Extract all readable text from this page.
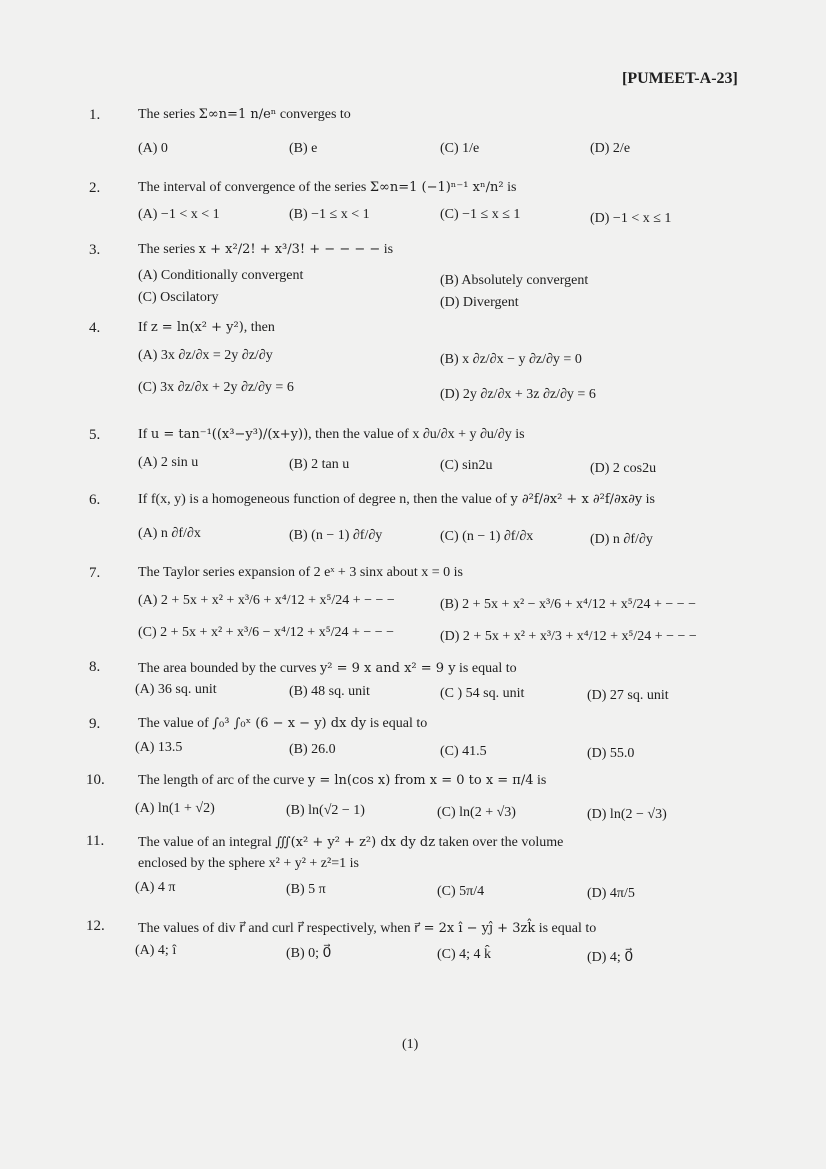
[PUMEET-A-23]
1.	The series Σ∞n=1 n/eⁿ converges to
(A) 0	(B) e	(C) 1/e	(D) 2/e
2.	The interval of convergence of the series Σ∞n=1 (−1)ⁿ⁻¹ xⁿ/n² is
(A) −1 < x < 1	(B) −1 ≤ x < 1	(C) −1 ≤ x ≤ 1	(D) −1 < x ≤ 1
3.	The series x + x²/2! + x³/3! + − − − − is
(A) Conditionally convergent	(B) Absolutely convergent
(C) Oscilatory	(D) Divergent
4.	If z = ln(x² + y²), then
(A) 3x ∂z/∂x = 2y ∂z/∂y	(B) x ∂z/∂x − y ∂z/∂y = 0
(C) 3x ∂z/∂x + 2y ∂z/∂y = 6	(D) 2y ∂z/∂x + 3z ∂z/∂y = 6
5.	If u = tan⁻¹((x³−y³)/(x+y)), then the value of x ∂u/∂x + y ∂u/∂y is
(A) 2 sin u	(B) 2 tan u	(C) sin2u	(D) 2 cos2u
6.	If f(x, y) is a homogeneous function of degree n, then the value of y ∂²f/∂x² + x ∂²f/∂x∂y is
(A) n ∂f/∂x	(B) (n − 1) ∂f/∂y	(C) (n − 1) ∂f/∂x	(D) n ∂f/∂y
7.	The Taylor series expansion of 2 eˣ + 3 sinx about x = 0 is
(A) 2 + 5x + x² + x³/6 + x⁴/12 + x⁵/24 + − − −	(B) 2 + 5x + x² − x³/6 + x⁴/12 + x⁵/24 + − − −
(C) 2 + 5x + x² + x³/6 − x⁴/12 + x⁵/24 + − − −	(D) 2 + 5x + x² + x³/3 + x⁴/12 + x⁵/24 + − − −
8.	The area bounded by the curves y² = 9 x and x² = 9 y is equal to
(A) 36 sq. unit	(B) 48 sq. unit	(C ) 54 sq. unit	(D) 27 sq. unit
9.	The value of ∫₀³ ∫₀ˣ (6 − x − y) dx dy is equal to
(A) 13.5	(B) 26.0	(C) 41.5	(D) 55.0
10. The length of arc of the curve y = ln(cos x) from x = 0 to x = π/4 is
(A) ln(1 + √2)	(B) ln(√2 − 1)	(C) ln(2 + √3)	(D) ln(2 − √3)
11. The value of an integral ∭(x² + y² + z²) dx dy dz taken over the volume
enclosed by the sphere x² + y² + z²=1 is
(A) 4 π	(B) 5 π	(C) 5π/4	(D) 4π/5
12. The values of div r⃗ and curl r⃗ respectively, when r⃗ = 2x î − yĵ + 3zk̂ is equal to
(A) 4; î	(B) 0; 0⃗	(C) 4; 4 k̂	(D) 4; 0⃗
(1)
